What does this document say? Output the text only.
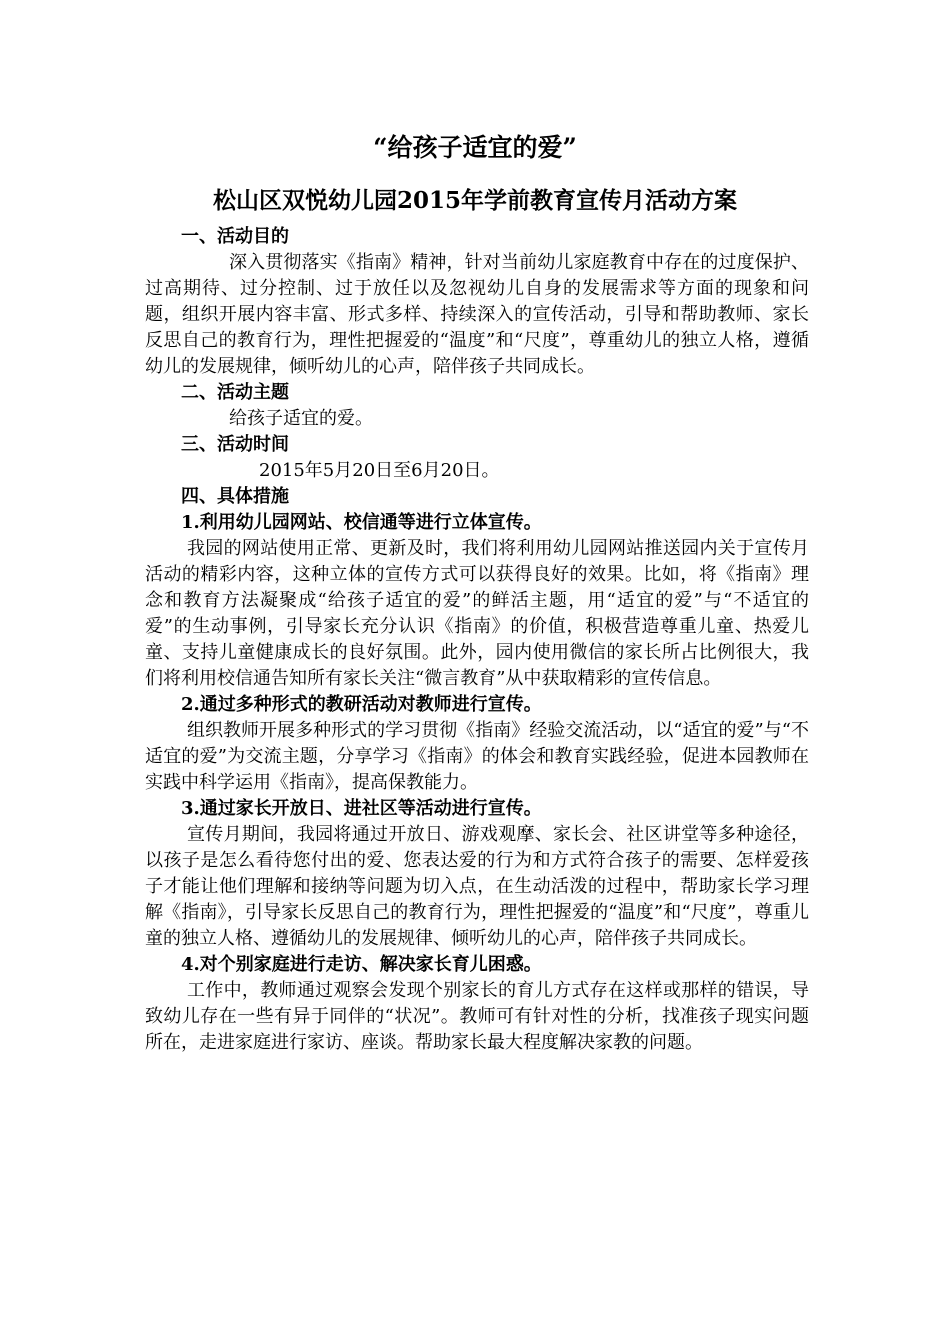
“给孩子适宜的爱”
松山区双悦幼儿园2015年学前教育宣传月活动方案

一、活动目的

深入贯彻落实《指南》精神，针对当前幼儿家庭教育中存在的过度保护、过高期待、过分控制、过于放任以及忽视幼儿自身的发展需求等方面的现象和问题，组织开展内容丰富、形式多样、持续深入的宣传活动，引导和帮助教师、家长反思自己的教育行为，理性把握爱的“温度”和“尺度”，尊重幼儿的独立人格，遵循幼儿的发展规律，倾听幼儿的心声，陪伴孩子共同成长。

二、活动主题

给孩子适宜的爱。

三、活动时间

2015年5月20日至6月20日。

四、具体措施

1.利用幼儿园网站、校信通等进行立体宣传。

我园的网站使用正常、更新及时，我们将利用幼儿园网站推送园内关于宣传月活动的精彩内容，这种立体的宣传方式可以获得良好的效果。比如，将《指南》理念和教育方法凝聚成“给孩子适宜的爱”的鲜活主题，用“适宜的爱”与“不适宜的爱”的生动事例，引导家长充分认识《指南》的价值，积极营造尊重儿童、热爱儿童、支持儿童健康成长的良好氛围。此外，园内使用微信的家长所占比例很大，我们将利用校信通告知所有家长关注“微言教育”从中获取精彩的宣传信息。

2.通过多种形式的教研活动对教师进行宣传。

组织教师开展多种形式的学习贯彻《指南》经验交流活动，以“适宜的爱”与“不适宜的爱”为交流主题，分享学习《指南》的体会和教育实践经验，促进本园教师在实践中科学运用《指南》，提高保教能力。

3.通过家长开放日、进社区等活动进行宣传。

宣传月期间，我园将通过开放日、游戏观摩、家长会、社区讲堂等多种途径，以孩子是怎么看待您付出的爱、您表达爱的行为和方式符合孩子的需要、怎样爱孩子才能让他们理解和接纳等问题为切入点，在生动活泼的过程中，帮助家长学习理解《指南》，引导家长反思自己的教育行为，理性把握爱的“温度”和“尺度”，尊重儿童的独立人格、遵循幼儿的发展规律、倾听幼儿的心声，陪伴孩子共同成长。

4.对个别家庭进行走访、解决家长育儿困惑。

工作中，教师通过观察会发现个别家长的育儿方式存在这样或那样的错误，导致幼儿存在一些有异于同伴的“状况”。教师可有针对性的分析，找准孩子现实问题所在，走进家庭进行家访、座谈。帮助家长最大程度解决家教的问题。
